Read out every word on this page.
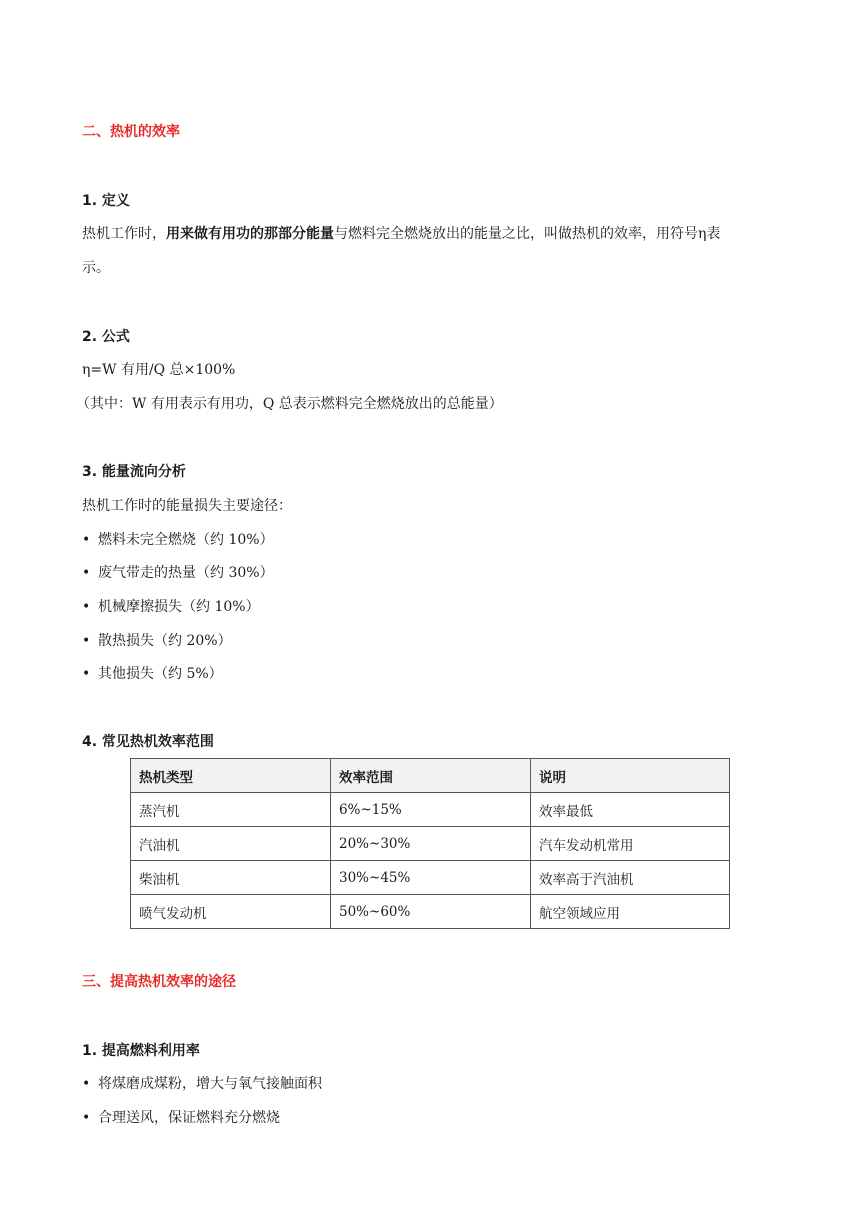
二、热机的效率
1. 定义
热机工作时，用来做有用功的那部分能量与燃料完全燃烧放出的能量之比，叫做热机的效率，用符号η表
示。
2. 公式
η=W 有用/Q 总×100%
（其中：W 有用表示有用功，Q 总表示燃料完全燃烧放出的总能量）
3. 能量流向分析
热机工作时的能量损失主要途径：
• 燃料未完全燃烧（约 10%）
• 废气带走的热量（约 30%）
• 机械摩擦损失（约 10%）
• 散热损失（约 20%）
• 其他损失（约 5%）
4. 常见热机效率范围
热机类型	效率范围	说明
蒸汽机	6%~15%	效率最低
汽油机	20%~30%	汽车发动机常用
柴油机	30%~45%	效率高于汽油机
喷气发动机	50%~60%	航空领域应用
三、提高热机效率的途径
1. 提高燃料利用率
• 将煤磨成煤粉，增大与氧气接触面积
• 合理送风，保证燃料充分燃烧
